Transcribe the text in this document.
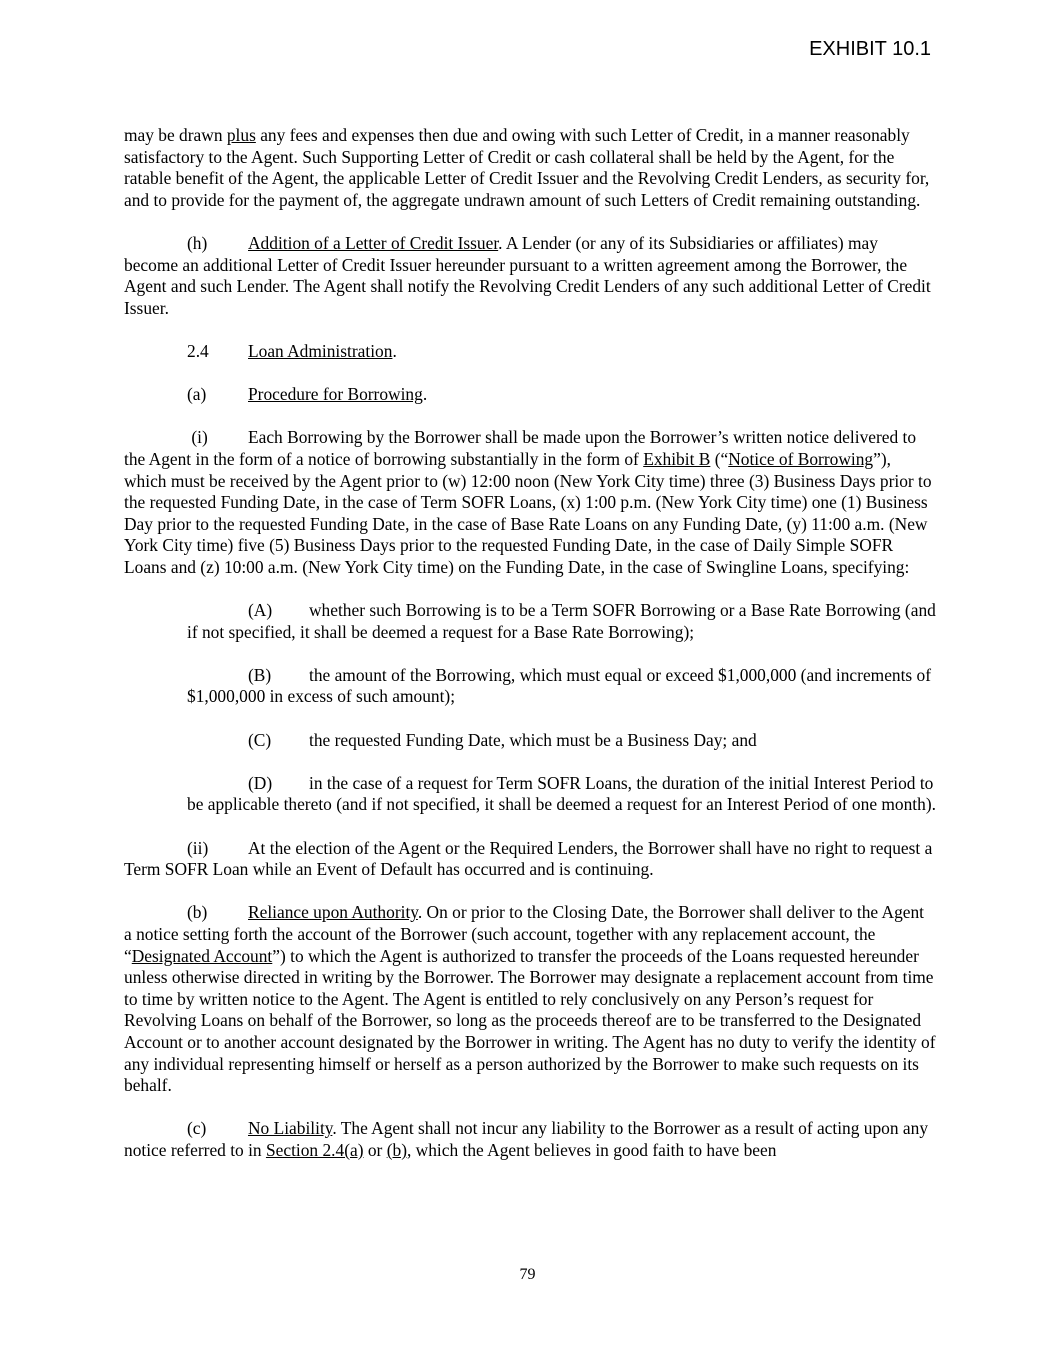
EXHIBIT 10.1

may be drawn plus any fees and expenses then due and owing with such Letter of Credit, in a manner reasonably satisfactory to the Agent. Such Supporting Letter of Credit or cash collateral shall be held by the Agent, for the ratable benefit of the Agent, the applicable Letter of Credit Issuer and the Revolving Credit Lenders, as security for, and to provide for the payment of, the aggregate undrawn amount of such Letters of Credit remaining outstanding.

(h) Addition of a Letter of Credit Issuer. A Lender (or any of its Subsidiaries or affiliates) may become an additional Letter of Credit Issuer hereunder pursuant to a written agreement among the Borrower, the Agent and such Lender. The Agent shall notify the Revolving Credit Lenders of any such additional Letter of Credit Issuer.

2.4 Loan Administration.

(a) Procedure for Borrowing.

(i) Each Borrowing by the Borrower shall be made upon the Borrower’s written notice delivered to the Agent in the form of a notice of borrowing substantially in the form of Exhibit B (“Notice of Borrowing”), which must be received by the Agent prior to (w) 12:00 noon (New York City time) three (3) Business Days prior to the requested Funding Date, in the case of Term SOFR Loans, (x) 1:00 p.m. (New York City time) one (1) Business Day prior to the requested Funding Date, in the case of Base Rate Loans on any Funding Date, (y) 11:00 a.m. (New York City time) five (5) Business Days prior to the requested Funding Date, in the case of Daily Simple SOFR Loans and (z) 10:00 a.m. (New York City time) on the Funding Date, in the case of Swingline Loans, specifying:

(A) whether such Borrowing is to be a Term SOFR Borrowing or a Base Rate Borrowing (and if not specified, it shall be deemed a request for a Base Rate Borrowing);

(B) the amount of the Borrowing, which must equal or exceed $1,000,000 (and increments of $1,000,000 in excess of such amount);

(C) the requested Funding Date, which must be a Business Day; and

(D) in the case of a request for Term SOFR Loans, the duration of the initial Interest Period to be applicable thereto (and if not specified, it shall be deemed a request for an Interest Period of one month).

(ii) At the election of the Agent or the Required Lenders, the Borrower shall have no right to request a Term SOFR Loan while an Event of Default has occurred and is continuing.

(b) Reliance upon Authority. On or prior to the Closing Date, the Borrower shall deliver to the Agent a notice setting forth the account of the Borrower (such account, together with any replacement account, the “Designated Account”) to which the Agent is authorized to transfer the proceeds of the Loans requested hereunder unless otherwise directed in writing by the Borrower. The Borrower may designate a replacement account from time to time by written notice to the Agent. The Agent is entitled to rely conclusively on any Person’s request for Revolving Loans on behalf of the Borrower, so long as the proceeds thereof are to be transferred to the Designated Account or to another account designated by the Borrower in writing. The Agent has no duty to verify the identity of any individual representing himself or herself as a person authorized by the Borrower to make such requests on its behalf.

(c) No Liability. The Agent shall not incur any liability to the Borrower as a result of acting upon any notice referred to in Section 2.4(a) or (b), which the Agent believes in good faith to have been

79
